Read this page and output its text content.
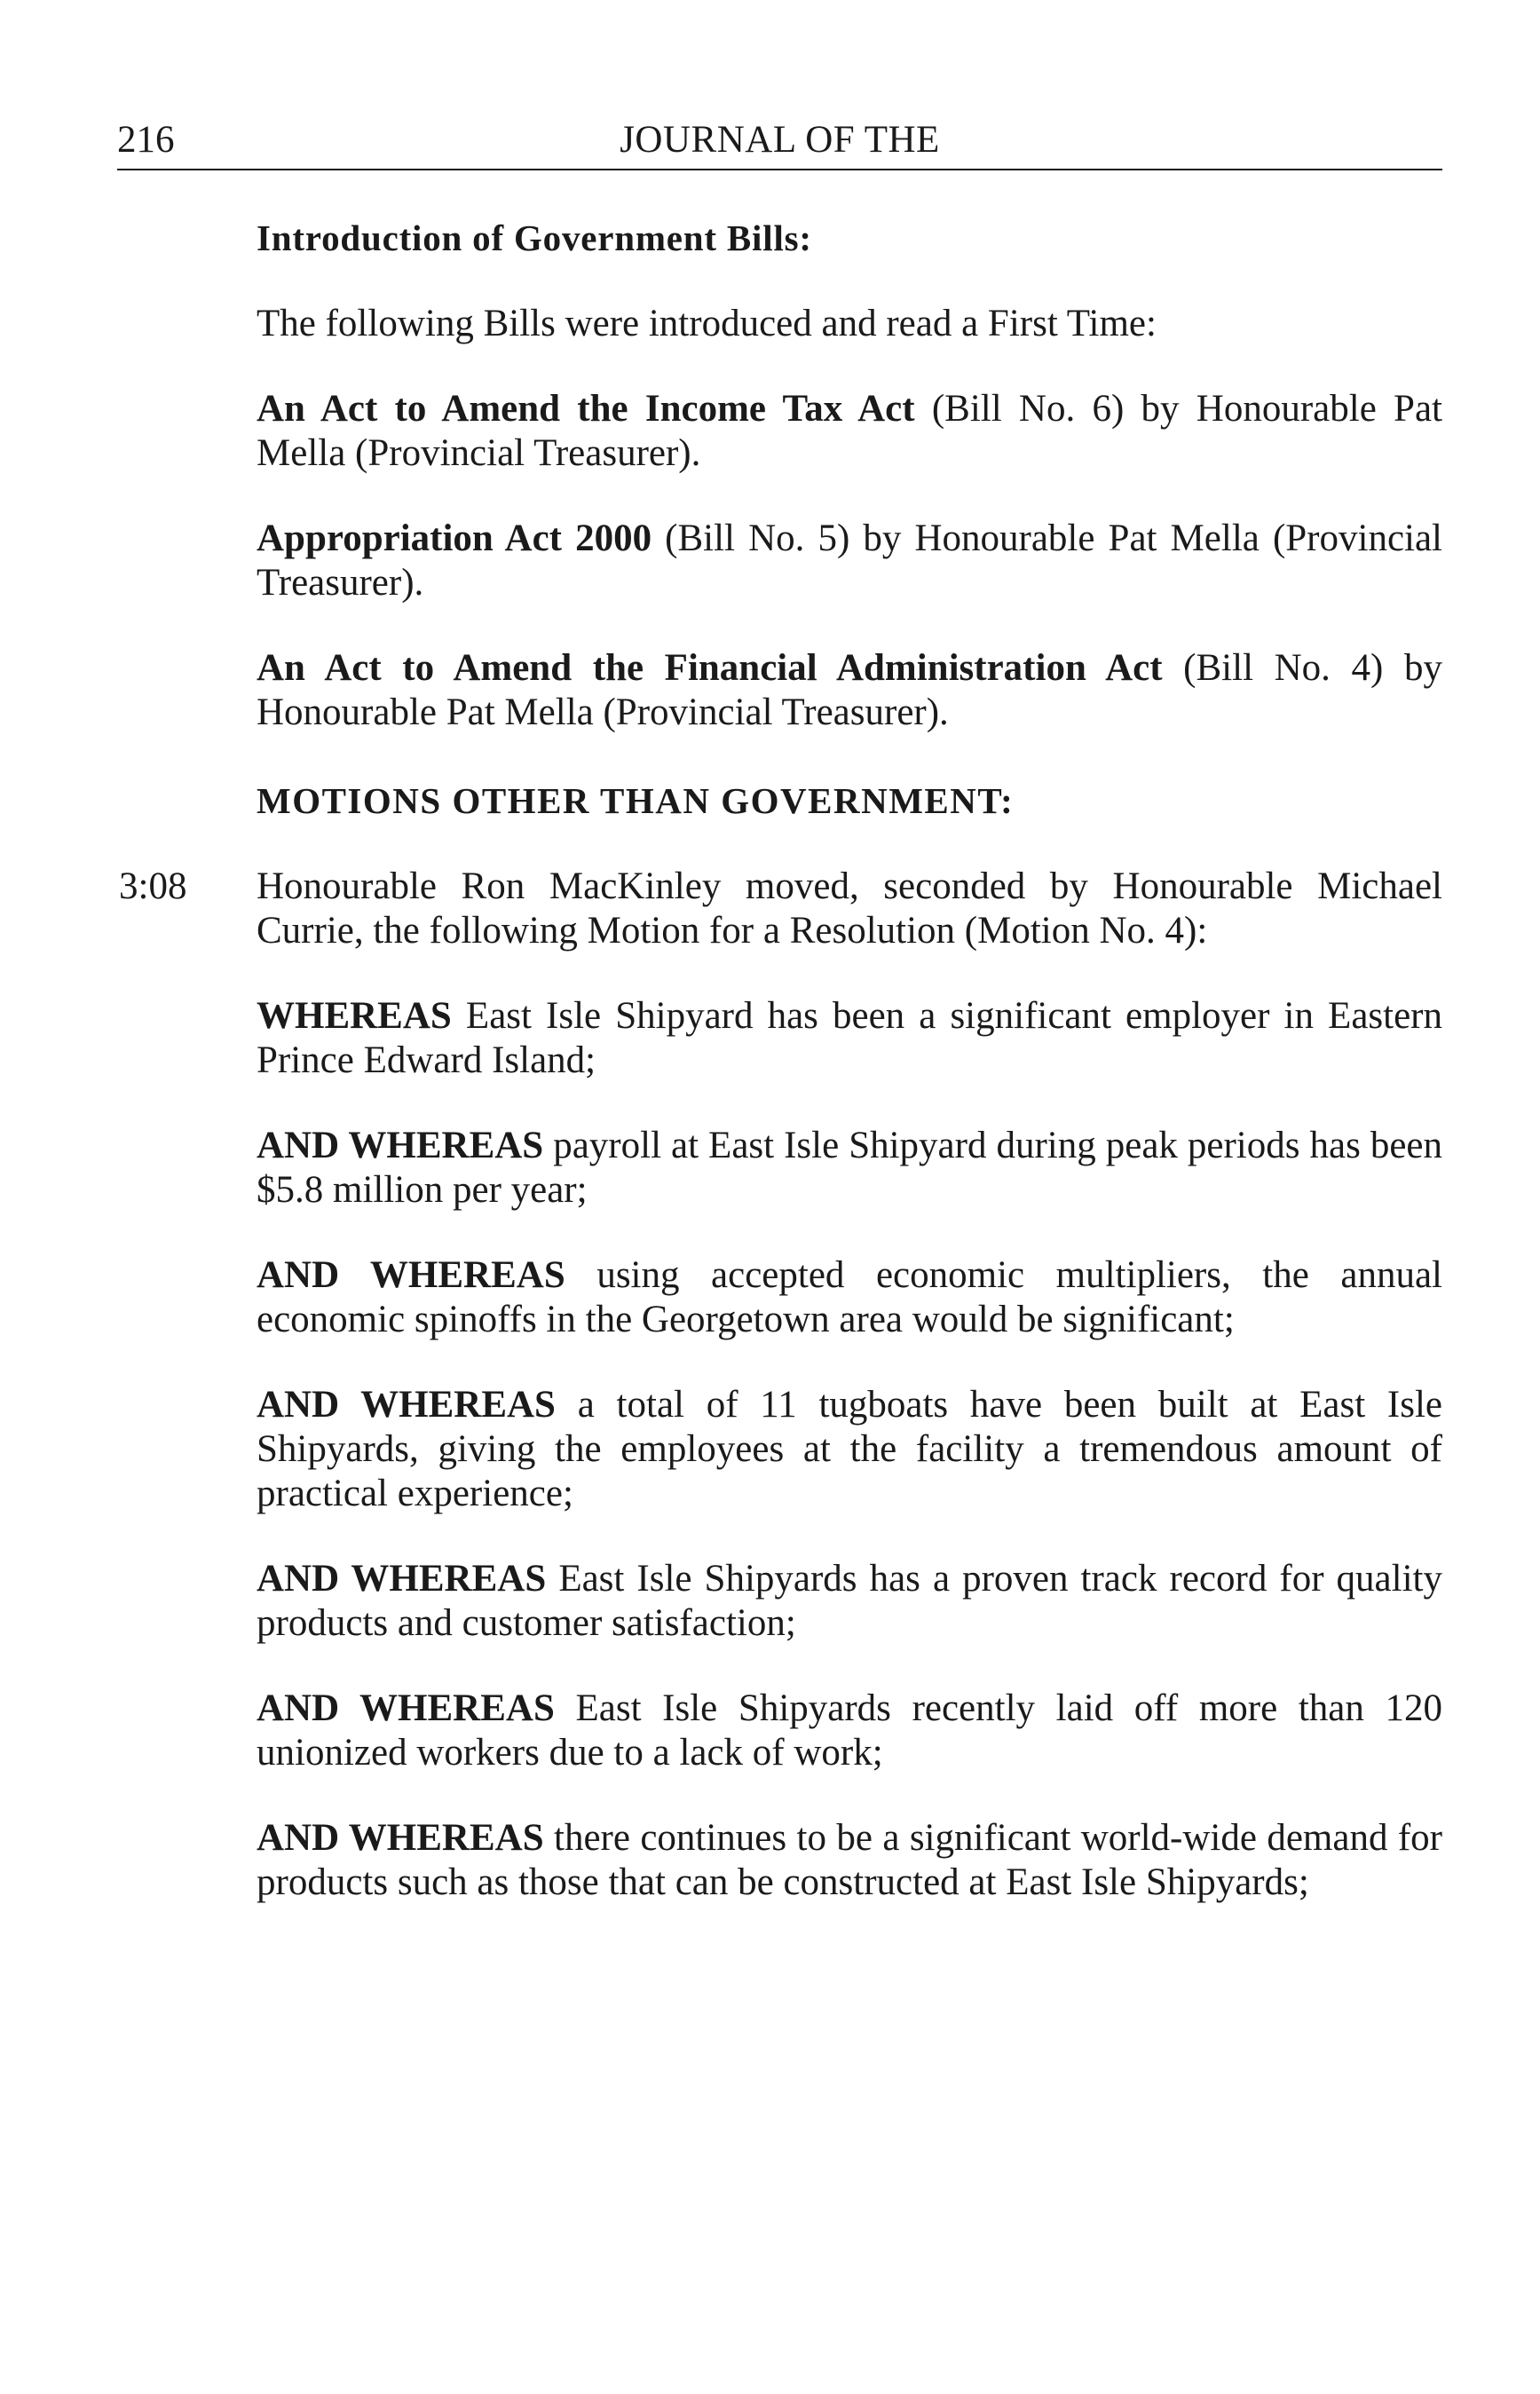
216	JOURNAL OF THE

Introduction of Government Bills:

The following Bills were introduced and read a First Time:

An Act to Amend the Income Tax Act (Bill No. 6) by Honourable Pat Mella (Provincial Treasurer).

Appropriation Act 2000 (Bill No. 5) by Honourable Pat Mella (Provincial Treasurer).

An Act to Amend the Financial Administration Act (Bill No. 4) by Honourable Pat Mella (Provincial Treasurer).

MOTIONS OTHER THAN GOVERNMENT:

3:08 Honourable Ron MacKinley moved, seconded by Honourable Michael Currie, the following Motion for a Resolution (Motion No. 4):

WHEREAS East Isle Shipyard has been a significant employer in Eastern Prince Edward Island;

AND WHEREAS payroll at East Isle Shipyard during peak periods has been $5.8 million per year;

AND WHEREAS using accepted economic multipliers, the annual economic spinoffs in the Georgetown area would be significant;

AND WHEREAS a total of 11 tugboats have been built at East Isle Shipyards, giving the employees at the facility a tremendous amount of practical experience;

AND WHEREAS East Isle Shipyards has a proven track record for quality products and customer satisfaction;

AND WHEREAS East Isle Shipyards recently laid off more than 120 unionized workers due to a lack of work;

AND WHEREAS there continues to be a significant world-wide demand for products such as those that can be constructed at East Isle Shipyards;
